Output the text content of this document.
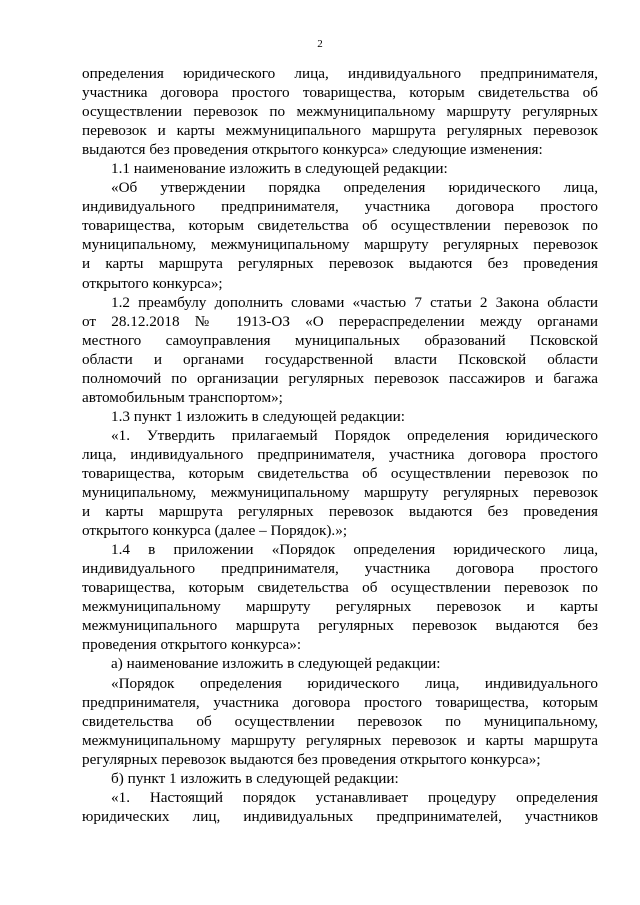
2
определения юридического лица, индивидуального предпринимателя,
участника договора простого товарищества, которым свидетельства об
осуществлении перевозок по межмуниципальному маршруту регулярных
перевозок и карты межмуниципального маршрута регулярных перевозок
выдаются без проведения открытого конкурса» следующие изменения:
1.1 наименование изложить в следующей редакции:
«Об утверждении порядка определения юридического лица,
индивидуального предпринимателя, участника договора простого
товарищества, которым свидетельства об осуществлении перевозок по
муниципальному, межмуниципальному маршруту регулярных перевозок
и карты маршрута регулярных перевозок выдаются без проведения
открытого конкурса»;
1.2 преамбулу дополнить словами «частью 7 статьи 2 Закона области
от 28.12.2018 № 1913-ОЗ «О перераспределении между органами
местного самоуправления муниципальных образований Псковской
области и органами государственной власти Псковской области
полномочий по организации регулярных перевозок пассажиров и багажа
автомобильным транспортом»;
1.3 пункт 1 изложить в следующей редакции:
«1. Утвердить прилагаемый Порядок определения юридического
лица, индивидуального предпринимателя, участника договора простого
товарищества, которым свидетельства об осуществлении перевозок по
муниципальному, межмуниципальному маршруту регулярных перевозок
и карты маршрута регулярных перевозок выдаются без проведения
открытого конкурса (далее – Порядок).»;
1.4 в приложении «Порядок определения юридического лица,
индивидуального предпринимателя, участника договора простого
товарищества, которым свидетельства об осуществлении перевозок по
межмуниципальному маршруту регулярных перевозок и карты
межмуниципального маршрута регулярных перевозок выдаются без
проведения открытого конкурса»:
а) наименование изложить в следующей редакции:
«Порядок определения юридического лица, индивидуального
предпринимателя, участника договора простого товарищества, которым
свидетельства об осуществлении перевозок по муниципальному,
межмуниципальному маршруту регулярных перевозок и карты маршрута
регулярных перевозок выдаются без проведения открытого конкурса»;
б) пункт 1 изложить в следующей редакции:
«1. Настоящий порядок устанавливает процедуру определения
юридических лиц, индивидуальных предпринимателей, участников
